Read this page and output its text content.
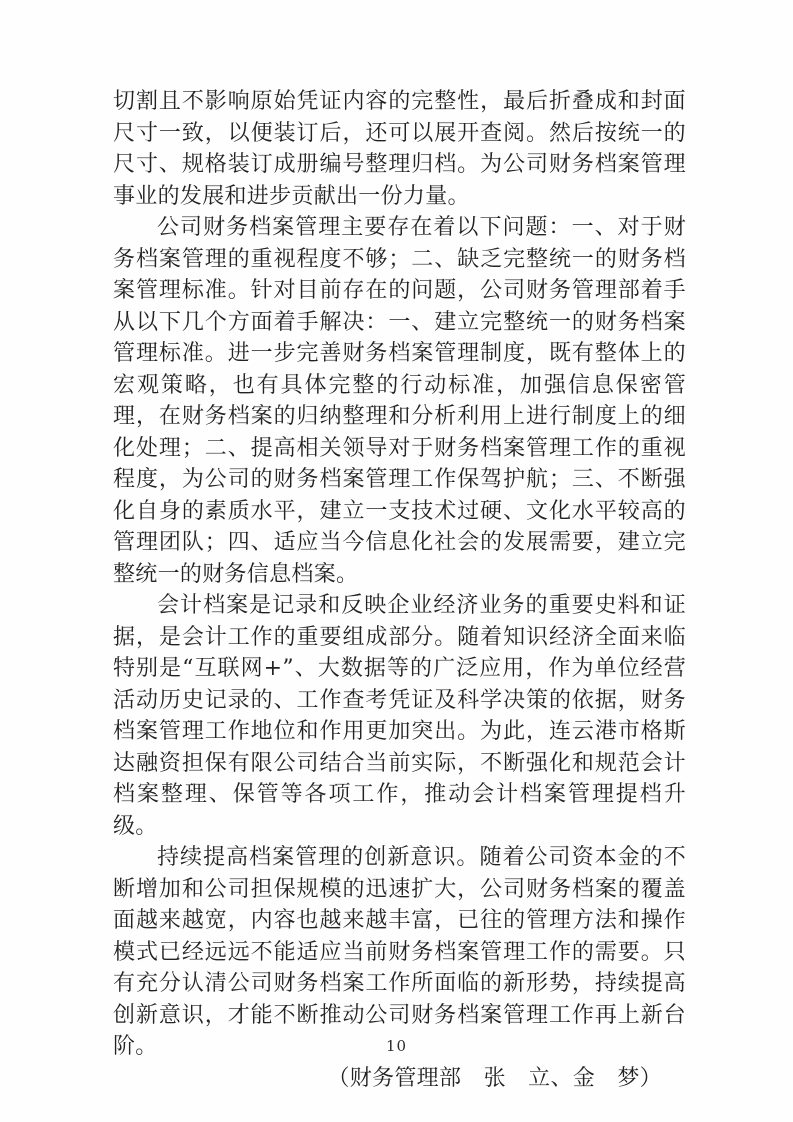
切割且不影响原始凭证内容的完整性，最后折叠成和封面尺寸一致，以便装订后，还可以展开查阅。然后按统一的尺寸、规格装订成册编号整理归档。为公司财务档案管理事业的发展和进步贡献出一份力量。

公司财务档案管理主要存在着以下问题：一、对于财务档案管理的重视程度不够；二、缺乏完整统一的财务档案管理标准。针对目前存在的问题，公司财务管理部着手从以下几个方面着手解决：一、建立完整统一的财务档案管理标准。进一步完善财务档案管理制度，既有整体上的宏观策略，也有具体完整的行动标准，加强信息保密管理，在财务档案的归纳整理和分析利用上进行制度上的细化处理；二、提高相关领导对于财务档案管理工作的重视程度，为公司的财务档案管理工作保驾护航；三、不断强化自身的素质水平，建立一支技术过硬、文化水平较高的管理团队；四、适应当今信息化社会的发展需要，建立完整统一的财务信息档案。

会计档案是记录和反映企业经济业务的重要史料和证据，是会计工作的重要组成部分。随着知识经济全面来临特别是“互联网+”、大数据等的广泛应用，作为单位经营活动历史记录的、工作查考凭证及科学决策的依据，财务档案管理工作地位和作用更加突出。为此，连云港市格斯达融资担保有限公司结合当前实际，不断强化和规范会计档案整理、保管等各项工作，推动会计档案管理提档升级。

持续提高档案管理的创新意识。随着公司资本金的不断增加和公司担保规模的迅速扩大，公司财务档案的覆盖面越来越宽，内容也越来越丰富，已往的管理方法和操作模式已经远远不能适应当前财务档案管理工作的需要。只有充分认清公司财务档案工作所面临的新形势，持续提高创新意识，才能不断推动公司财务档案管理工作再上新台阶。

（财务管理部　张　立、金　梦）

10
